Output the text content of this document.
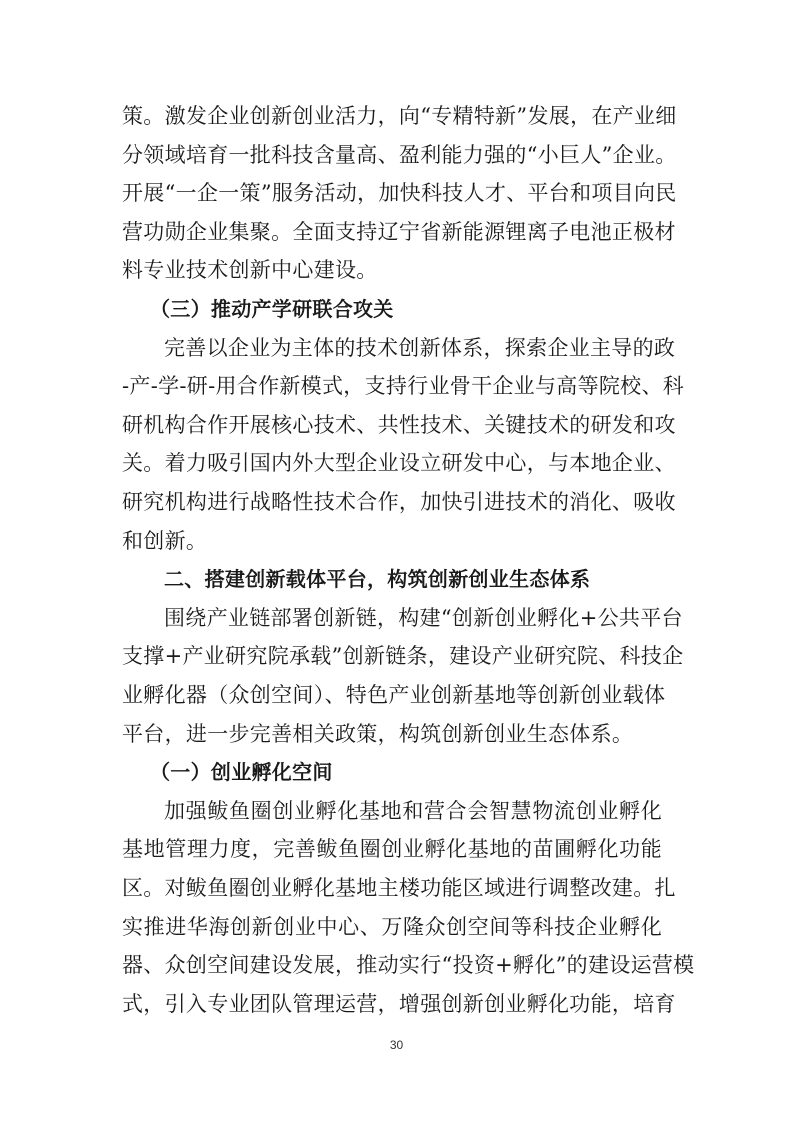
策。激发企业创新创业活力，向“专精特新”发展，在产业细
分领域培育一批科技含量高、盈利能力强的“小巨人”企业。
开展“一企一策”服务活动，加快科技人才、平台和项目向民
营功勋企业集聚。全面支持辽宁省新能源锂离子电池正极材
料专业技术创新中心建设。
（三）推动产学研联合攻关
完善以企业为主体的技术创新体系，探索企业主导的政
-产-学-研-用合作新模式，支持行业骨干企业与高等院校、科
研机构合作开展核心技术、共性技术、关键技术的研发和攻
关。着力吸引国内外大型企业设立研发中心，与本地企业、
研究机构进行战略性技术合作，加快引进技术的消化、吸收
和创新。
二、搭建创新载体平台，构筑创新创业生态体系
围绕产业链部署创新链，构建“创新创业孵化+公共平台
支撑+产业研究院承载”创新链条，建设产业研究院、科技企
业孵化器（众创空间）、特色产业创新基地等创新创业载体
平台，进一步完善相关政策，构筑创新创业生态体系。
（一）创业孵化空间
加强鲅鱼圈创业孵化基地和营合会智慧物流创业孵化
基地管理力度，完善鲅鱼圈创业孵化基地的苗圃孵化功能
区。对鲅鱼圈创业孵化基地主楼功能区域进行调整改建。扎
实推进华海创新创业中心、万隆众创空间等科技企业孵化
器、众创空间建设发展，推动实行“投资+孵化”的建设运营模
式，引入专业团队管理运营，增强创新创业孵化功能，培育
30
